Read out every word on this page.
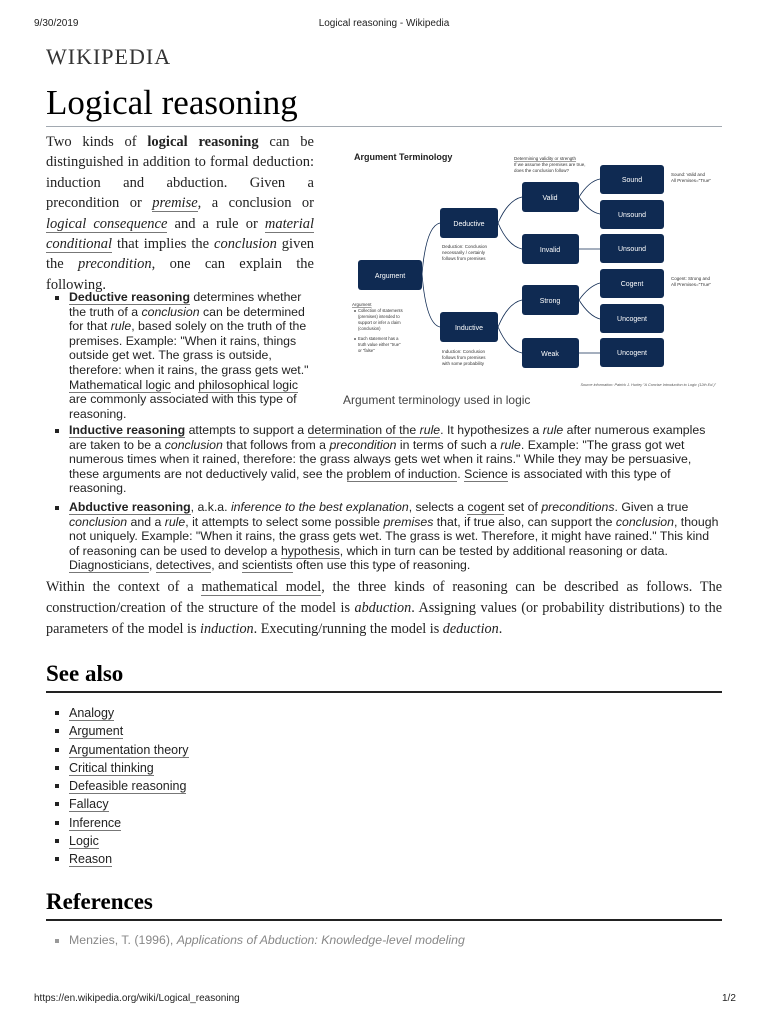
9/30/2019	Logical reasoning - Wikipedia
WIKIPEDIA
Logical reasoning
Two kinds of logical reasoning can be distinguished in addition to formal deduction: induction and abduction. Given a precondition or premise, a conclusion or logical consequence and a rule or material conditional that implies the conclusion given the precondition, one can explain the following.
Argument Terminology	Determining validity or strength
If we assume the premises are true,
does the conclusion follow?
Argument
Deductive
Inductive
Valid
Invalid
Strong
Weak
Sound
Unsound
Unsound
Cogent
Uncogent
Uncogent
Sound: Valid and
All Premises="True"
Cogent: Strong and
All Premises="True"
Deduction: Conclusion
necessarily / certainly
follows from premises
Induction: Conclusion
follows from premises
with some probability
Argument
Collection of statements
(premises) intended to
support or infer a claim
(conclusion)
Each statement has a
truth value either "true"
or "false"
Source information: Patrick J. Hurley "A Concise Introduction to Logic (12th Ed.)"
Argument terminology used in logic
Deductive reasoning determines whether the truth of a conclusion can be determined for that rule, based solely on the truth of the premises. Example: "When it rains, things outside get wet. The grass is outside, therefore: when it rains, the grass gets wet." Mathematical logic and philosophical logic are commonly associated with this type of reasoning.
Inductive reasoning attempts to support a determination of the rule. It hypothesizes a rule after numerous examples are taken to be a conclusion that follows from a precondition in terms of such a rule. Example: "The grass got wet numerous times when it rained, therefore: the grass always gets wet when it rains." While they may be persuasive, these arguments are not deductively valid, see the problem of induction. Science is associated with this type of reasoning.
Abductive reasoning, a.k.a. inference to the best explanation, selects a cogent set of preconditions. Given a true conclusion and a rule, it attempts to select some possible premises that, if true also, can support the conclusion, though not uniquely. Example: "When it rains, the grass gets wet. The grass is wet. Therefore, it might have rained." This kind of reasoning can be used to develop a hypothesis, which in turn can be tested by additional reasoning or data. Diagnosticians, detectives, and scientists often use this type of reasoning.
Within the context of a mathematical model, the three kinds of reasoning can be described as follows. The construction/creation of the structure of the model is abduction. Assigning values (or probability distributions) to the parameters of the model is induction. Executing/running the model is deduction.
See also
Analogy
Argument
Argumentation theory
Critical thinking
Defeasible reasoning
Fallacy
Inference
Logic
Reason
References
Menzies, T. (1996), Applications of Abduction: Knowledge-level modeling
https://en.wikipedia.org/wiki/Logical_reasoning	1/2
